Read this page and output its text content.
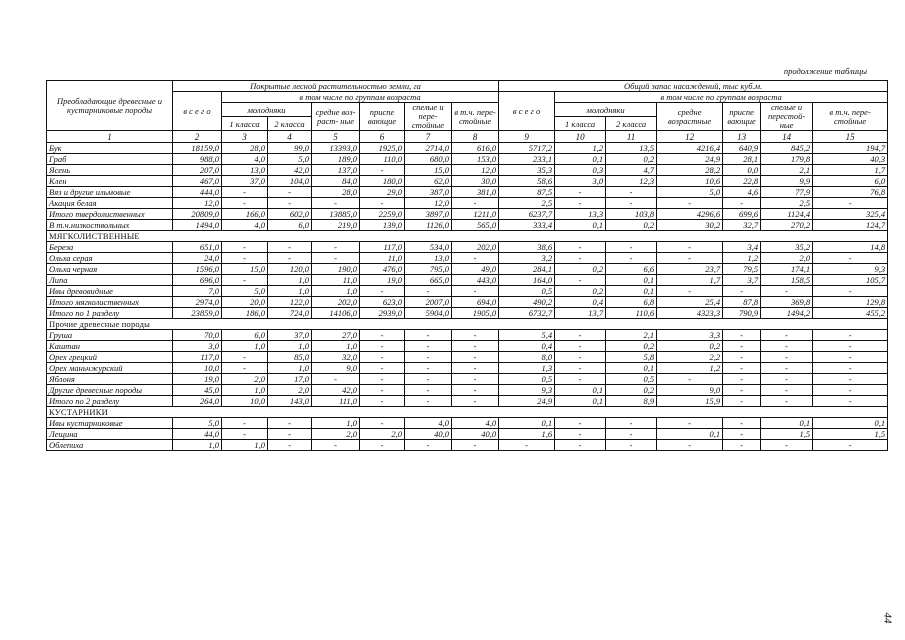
продолжение таблицы
Преобладающие древесные и кустарниковые породы	Покрытые лесной растительностью земли, га							Общий запас насаждений, тыс куб.м.						
	в с е г о	в том числе по группам возраста						в с е г о	в том числе по группам возраста					
		молодняки		средне воз- раст- ные	приспе вающие	спелые и пере- стойные	в т.ч. пере- стойные		молодняки		средне возрастные	приспе вающие	спелые и перестой- ные	в т.ч. пере- стойные
		1 класса	2 класса						1 класса	2 класса				
1	2	3	4	5	6	7	8	9	10	11	12	13	14	15
Бук	18159,0	28,0	99,0	13393,0	1925,0	2714,0	616,0	5717,2	1,2	13,5	4216,4	640,9	845,2	194,7
Граб	988,0	4,0	5,0	189,0	110,0	680,0	153,0	233,1	0,1	0,2	24,9	28,1	179,8	40,3
Ясень	207,0	13,0	42,0	137,0	-	15,0	12,0	35,3	0,3	4,7	28,2	0,0	2,1	1,7
Клен	467,0	37,0	104,0	84,0	180,0	62,0	30,0	58,6	3,0	12,3	10,6	22,8	9,9	6,0
Вяз и другие ильмовые	444,0	-	-	28,0	29,0	387,0	381,0	87,5	-	-	5,0	4,6	77,9	76,8
Акация белая	12,0	-	-	-	-	12,0	-	2,5	-	-	-	-	2,5	-
Итого твердолиственных	20809,0	166,0	602,0	13885,0	2259,0	3897,0	1211,0	6237,7	13,3	103,8	4296,6	699,6	1124,4	325,4
В т.ч.низкоствольных	1494,0	4,0	6,0	219,0	139,0	1126,0	565,0	333,4	0,1	0,2	30,2	32,7	270,2	124,7
МЯГКОЛИСТВЕННЫЕ														
Береза	651,0	-	-	-	117,0	534,0	202,0	38,6	-	-	-	3,4	35,2	14,8
Ольха серая	24,0	-	-	-	11,0	13,0	-	3,2	-	-	-	1,2	2,0	-
Ольха черная	1596,0	15,0	120,0	190,0	476,0	795,0	49,0	284,1	0,2	6,6	23,7	79,5	174,1	9,3
Липа	696,0	-	1,0	11,0	19,0	665,0	443,0	164,0	-	0,1	1,7	3,7	158,5	105,7
Ивы древовидные	7,0	5,0	1,0	1,0	-	-	-	0,5	0,2	0,1	-	-	-	-
Итого мягколиственных	2974,0	20,0	122,0	202,0	623,0	2007,0	694,0	490,2	0,4	6,8	25,4	87,8	369,8	129,8
Итого по 1 разделу	23859,0	186,0	724,0	14106,0	2939,0	5904,0	1905,0	6732,7	13,7	110,6	4323,3	790,9	1494,2	455,2
Прочие древесные породы														
Груша	70,0	6,0	37,0	27,0	-	-	-	5,4	-	2,1	3,3	-	-	-
Каштан	3,0	1,0	1,0	1,0	-	-	-	0,4	-	0,2	0,2	-	-	-
Орех грецкий	117,0	-	85,0	32,0	-	-	-	8,0	-	5,8	2,2	-	-	-
Орех маньчжурский	10,0	-	1,0	9,0	-	-	-	1,3	-	0,1	1,2	-	-	-
Яблоня	19,0	2,0	17,0	-	-	-	-	0,5	-	0,5	-	-	-	-
Другие древесные породы	45,0	1,0	2,0	42,0	-	-	-	9,3	0,1	0,2	9,0	-	-	-
Итого по 2 разделу	264,0	10,0	143,0	111,0	-	-	-	24,9	0,1	8,9	15,9	-	-	-
КУСТАРНИКИ														
Ивы кустарниковые	5,0	-	-	1,0	-	4,0	4,0	0,1	-	-	-	-	0,1	0,1
Лещина	44,0	-	-	2,0	2,0	40,0	40,0	1,6	-	-	0,1	-	1,5	1,5
Облепиха	1,0	1,0	-	-	-	-	-	-	-	-	-	-	-	-
44
